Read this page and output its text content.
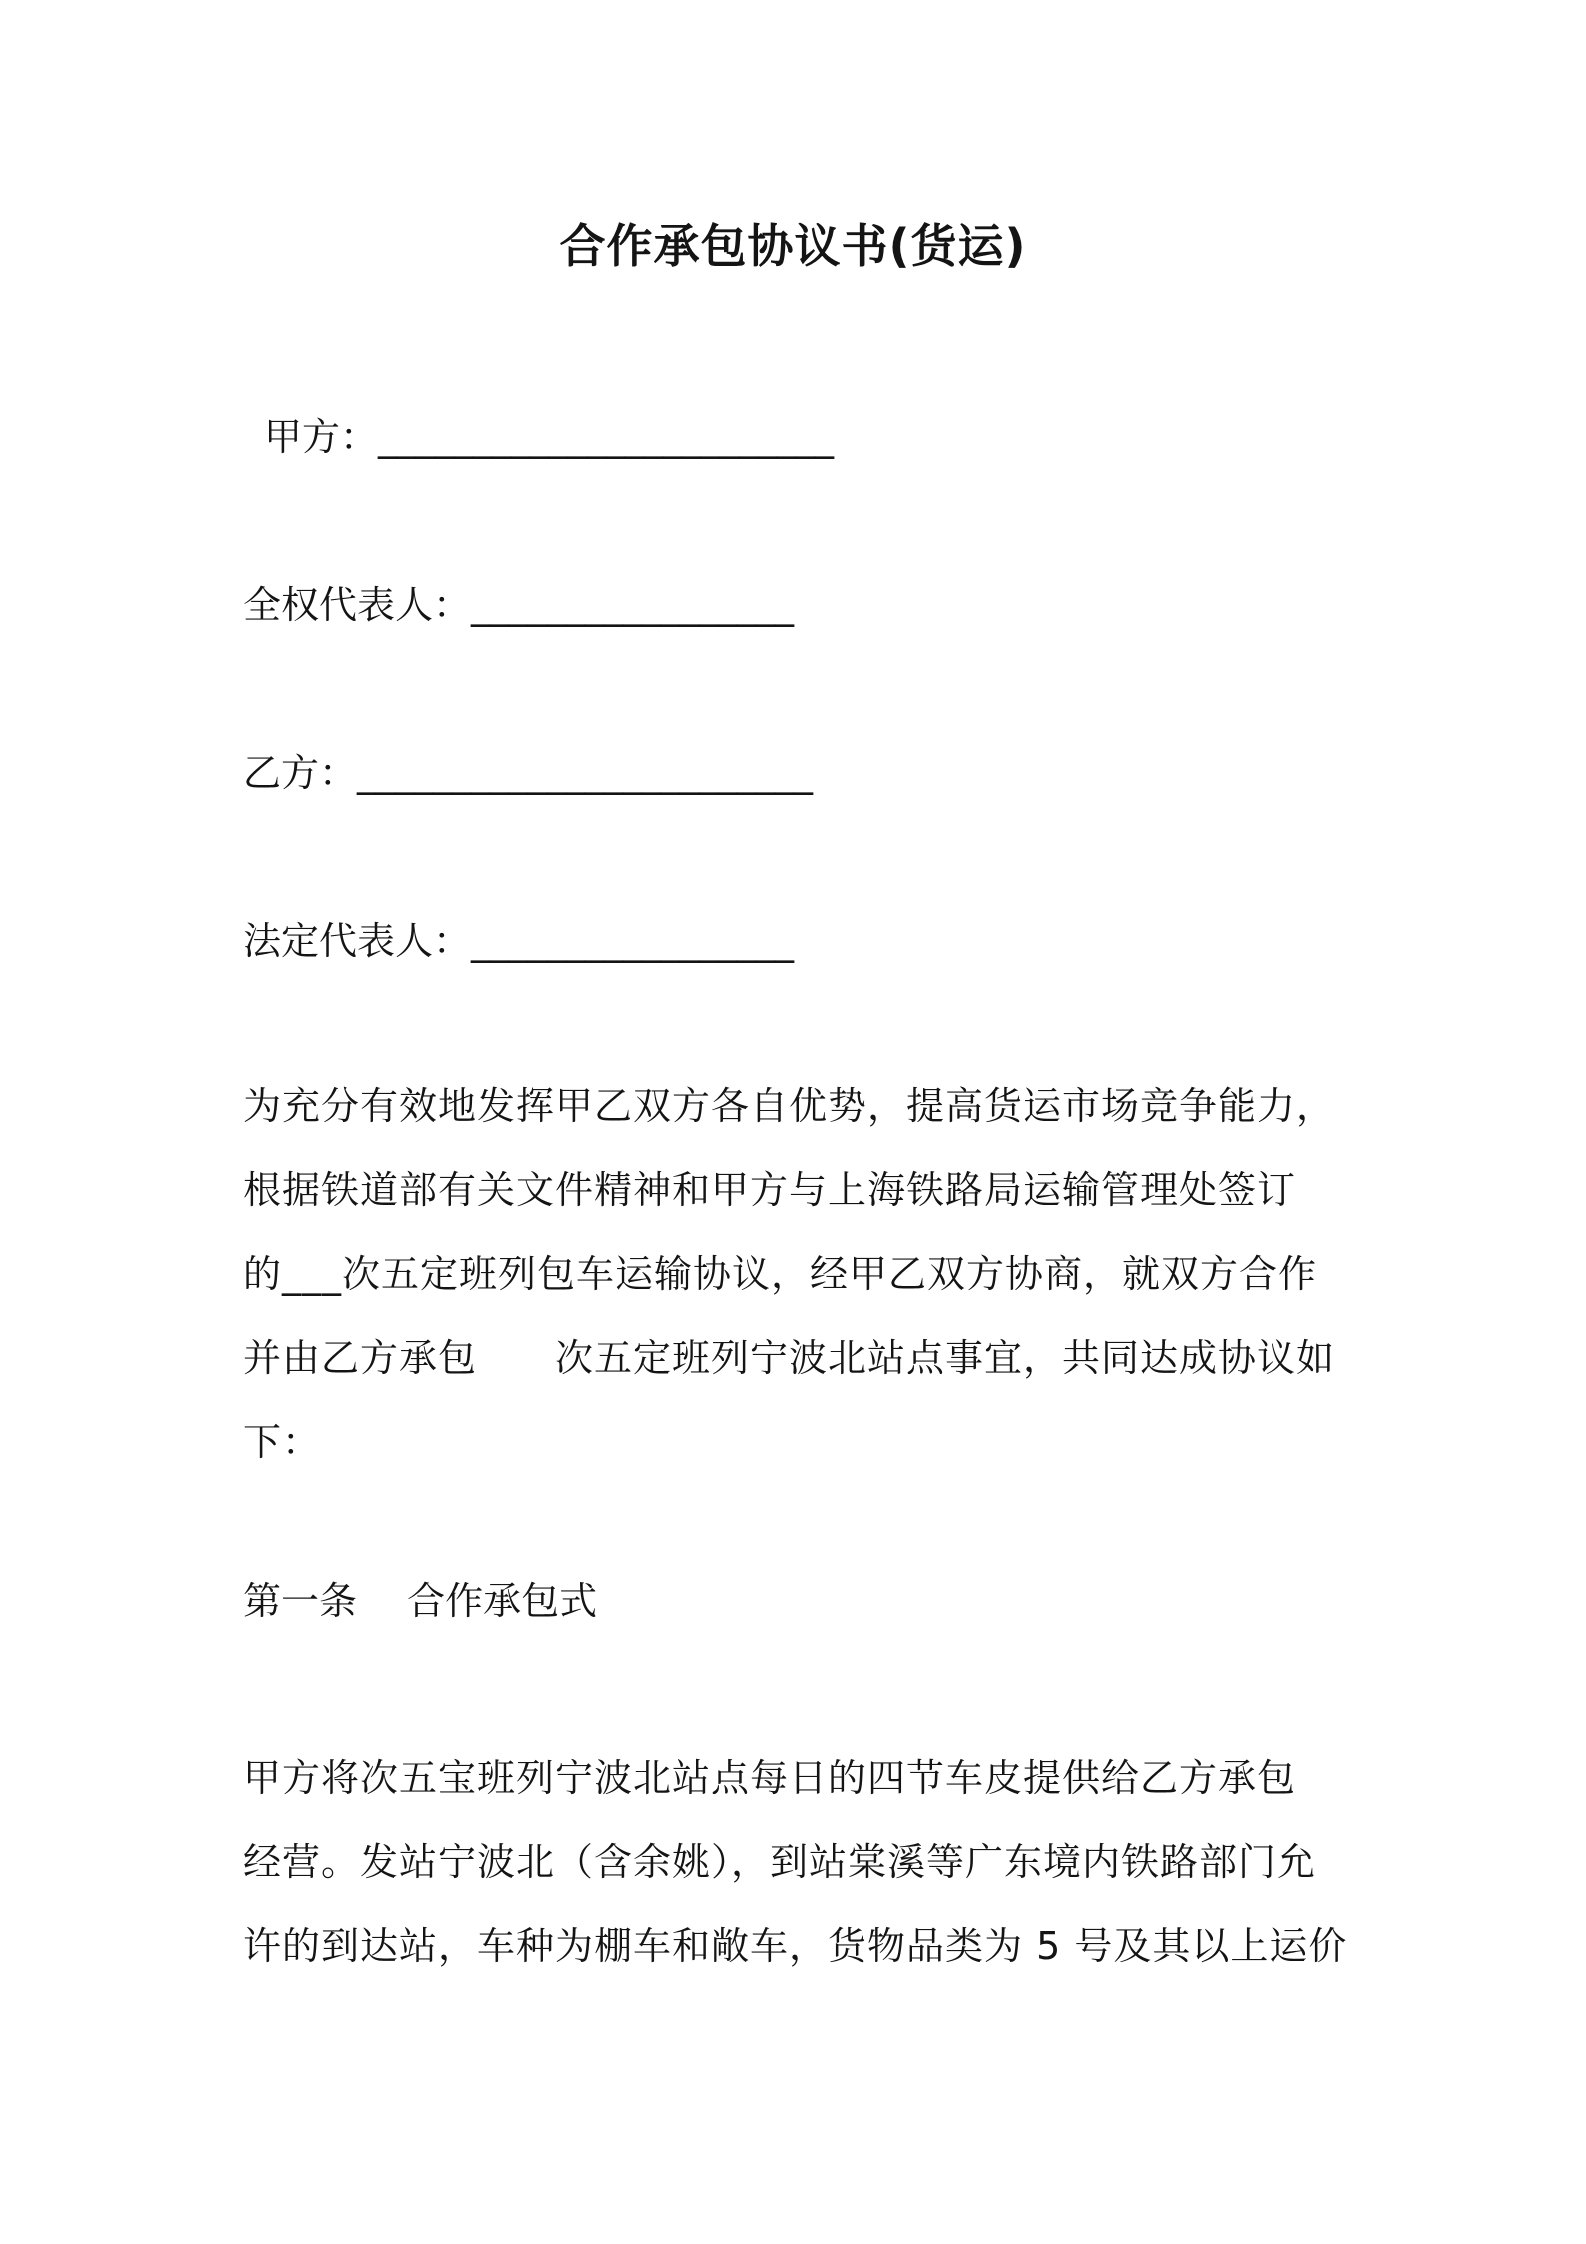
合作承包协议书(货运)
甲方：________________________
全权代表人：_________________
乙方：________________________
法定代表人：_________________
为充分有效地发挥甲乙双方各自优势，提高货运市场竞争能力，
根据铁道部有关文件精神和甲方与上海铁路局运输管理处签订
的___次五定班列包车运输协议，经甲乙双方协商，就双方合作
并由乙方承包　　次五定班列宁波北站点事宜，共同达成协议如
下：
第一条　 合作承包式
甲方将次五宝班列宁波北站点每日的四节车皮提供给乙方承包
经营。发站宁波北（含余姚），到站棠溪等广东境内铁路部门允
许的到达站，车种为棚车和敞车，货物品类为 5 号及其以上运价
